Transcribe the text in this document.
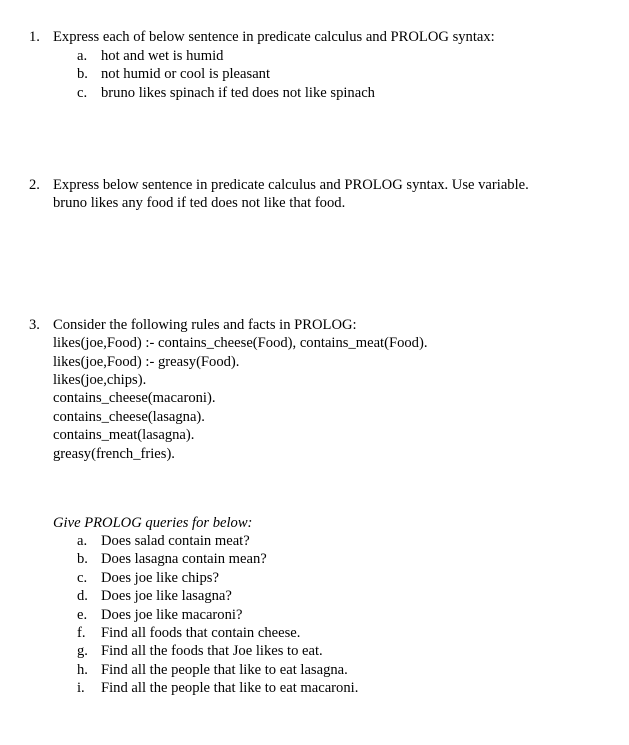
1. Express each of below sentence in predicate calculus and PROLOG syntax:
a. hot and wet is humid
b. not humid or cool is pleasant
c. bruno likes spinach if ted does not like spinach
2. Express below sentence in predicate calculus and PROLOG syntax. Use variable.
bruno likes any food if ted does not like that food.
3. Consider the following rules and facts in PROLOG:
likes(joe,Food) :- contains_cheese(Food), contains_meat(Food).
likes(joe,Food) :- greasy(Food).
likes(joe,chips).
contains_cheese(macaroni).
contains_cheese(lasagna).
contains_meat(lasagna).
greasy(french_fries).
Give PROLOG queries for below:
a. Does salad contain meat?
b. Does lasagna contain mean?
c. Does joe like chips?
d. Does joe like lasagna?
e. Does joe like macaroni?
f. Find all foods that contain cheese.
g. Find all the foods that Joe likes to eat.
h. Find all the people that like to eat lasagna.
i. Find all the people that like to eat macaroni.
